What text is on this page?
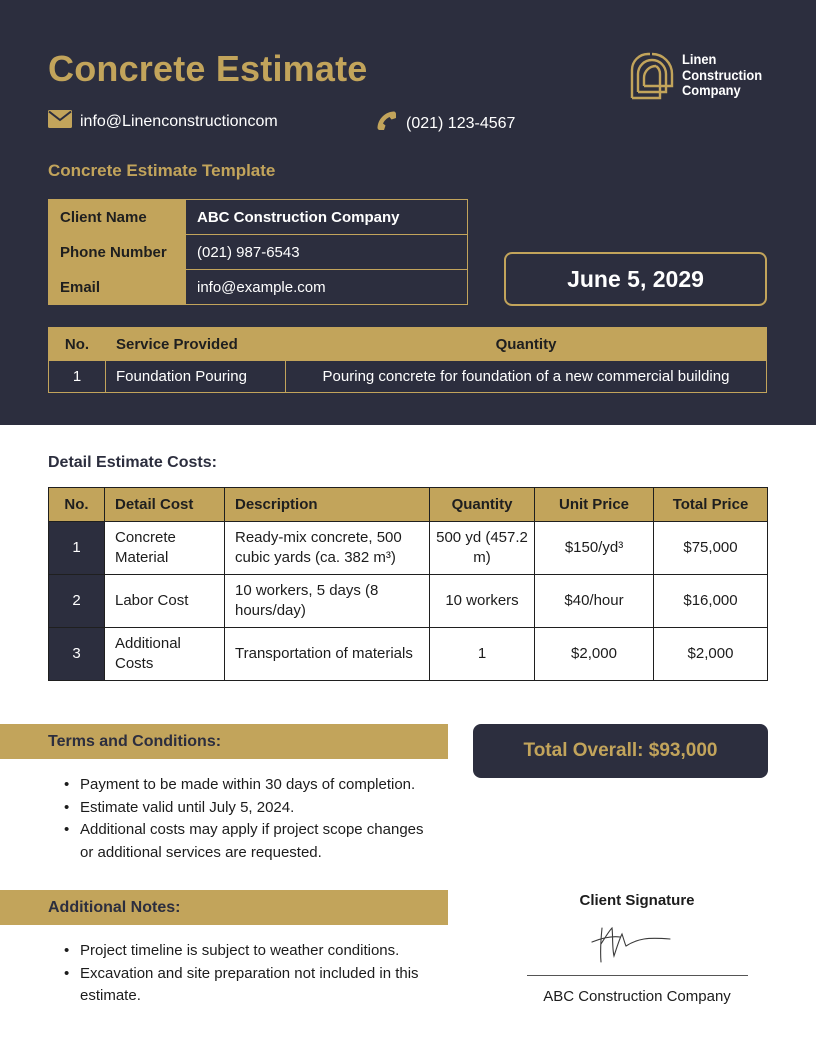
Concrete Estimate	Linen
Construction
Company
info@Linenconstructioncom	(021) 123-4567
Concrete Estimate Template
Client Name	ABC Construction Company
Phone Number	(021) 987-6543
Email	info@example.com	June 5, 2029
No.	Service Provided	Quantity
1	Foundation Pouring	Pouring concrete for foundation of a new commercial building
Detail Estimate Costs:
No.	Detail Cost	Description	Quantity	Unit Price	Total Price
1	Concrete Material	Ready-mix concrete, 500 cubic yards (ca. 382 m³)	500 yd (457.2 m)	$150/yd³	$75,000
2	Labor Cost	10 workers, 5 days (8 hours/day)	10 workers	$40/hour	$16,000
3	Additional Costs	Transportation of materials	1	$2,000	$2,000
Terms and Conditions:
• Payment to be made within 30 days of completion.
• Estimate valid until July 5, 2024.
• Additional costs may apply if project scope changes or additional services are requested.
Total Overall: $93,000
Additional Notes:
• Project timeline is subject to weather conditions.
• Excavation and site preparation not included in this estimate.
Client Signature
ABC Construction Company
